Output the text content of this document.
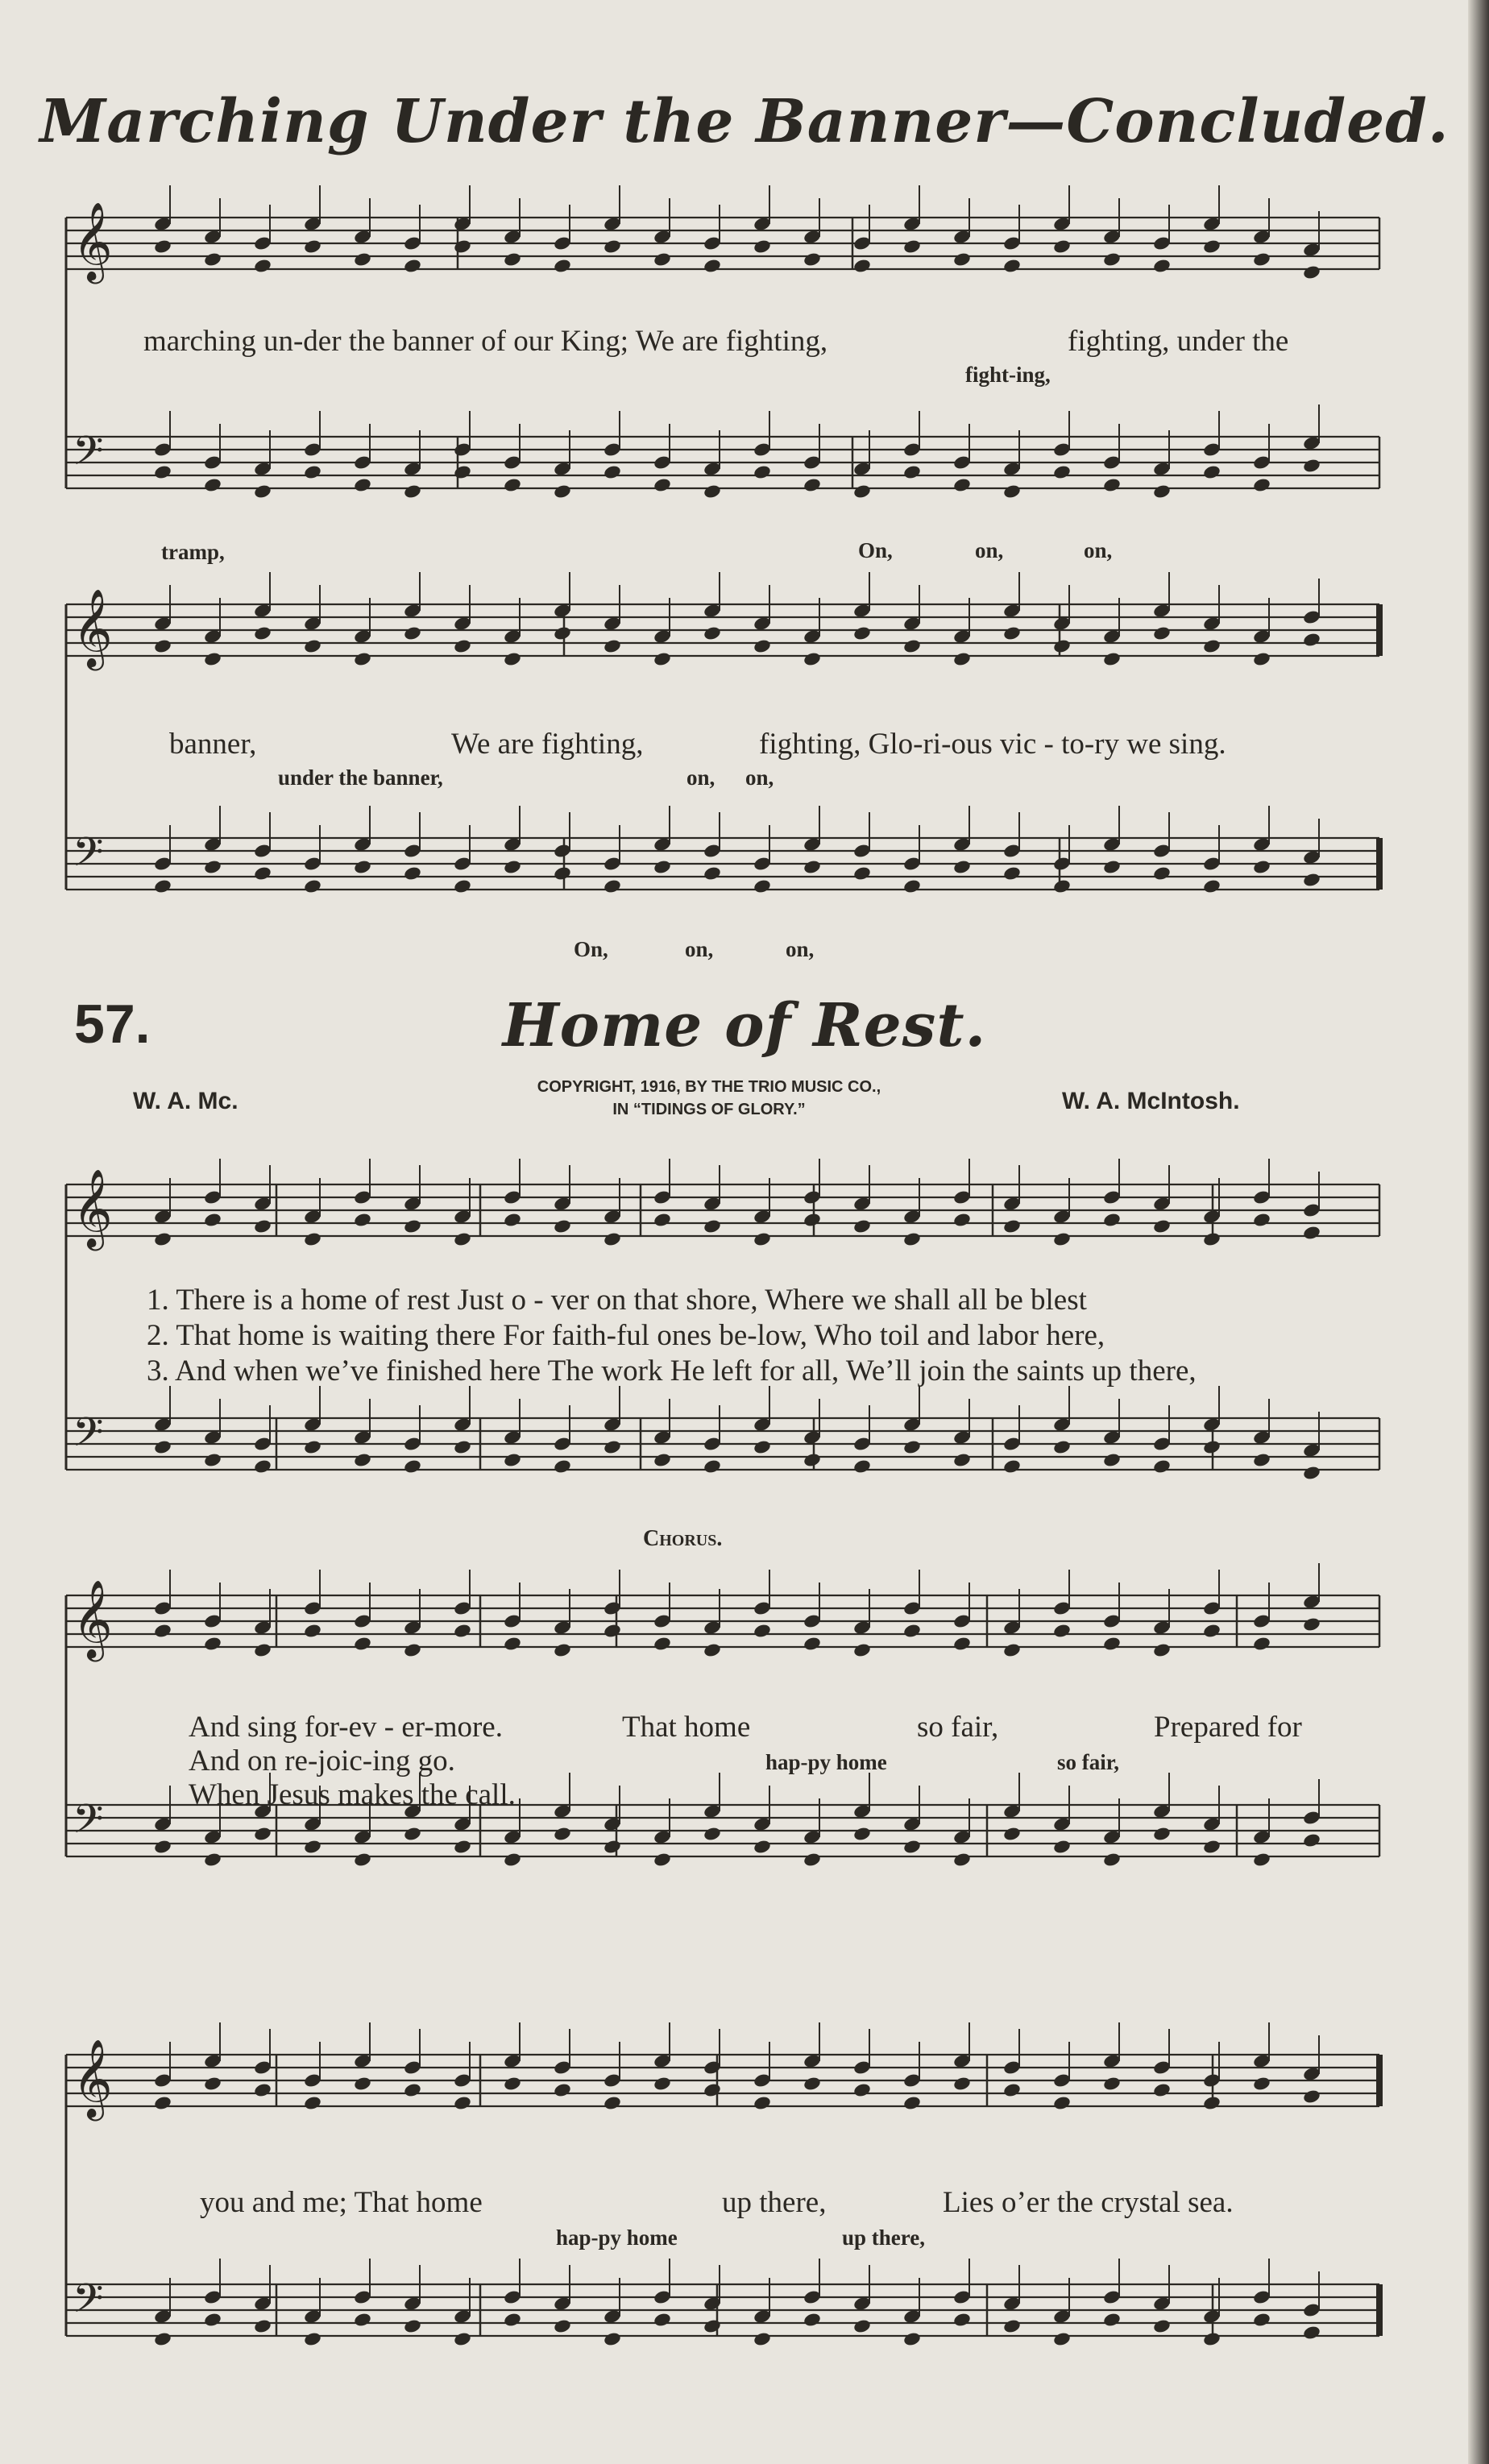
Marching Under the Banner—Concluded.
𝄞
𝄢
𝄞
𝄢
𝄞
𝄢
𝄞
𝄢
𝄞
𝄢
marching un-der the banner of our King; We are fighting,	fighting, under the
fight-ing,
tramp,	On,	on,	on,
banner,	We are fighting,	fighting, Glo-ri-ous vic - to-ry we sing.
under the banner,	on, on,
On,	on,	on,
57.	Home of Rest.
W. A. Mc.
COPYRIGHT, 1916, BY THE TRIO MUSIC CO.,
IN “TIDINGS OF GLORY.”	W. A. McIntosh.
1. There is a home of rest Just o - ver on that shore, Where we shall all be blest
2. That home is waiting there For faith-ful ones be-low, Who toil and labor here,
3. And when we’ve finished here The work He left for all, We’ll join the saints up there,
Chorus.
And sing for-ev - er-more.
And on re-joic-ing go.
When Jesus makes the call.
That home	so fair,	Prepared for
hap-py home	so fair,
you and me; That home	up there,	Lies o’er the crystal sea.
hap-py home	up there,
